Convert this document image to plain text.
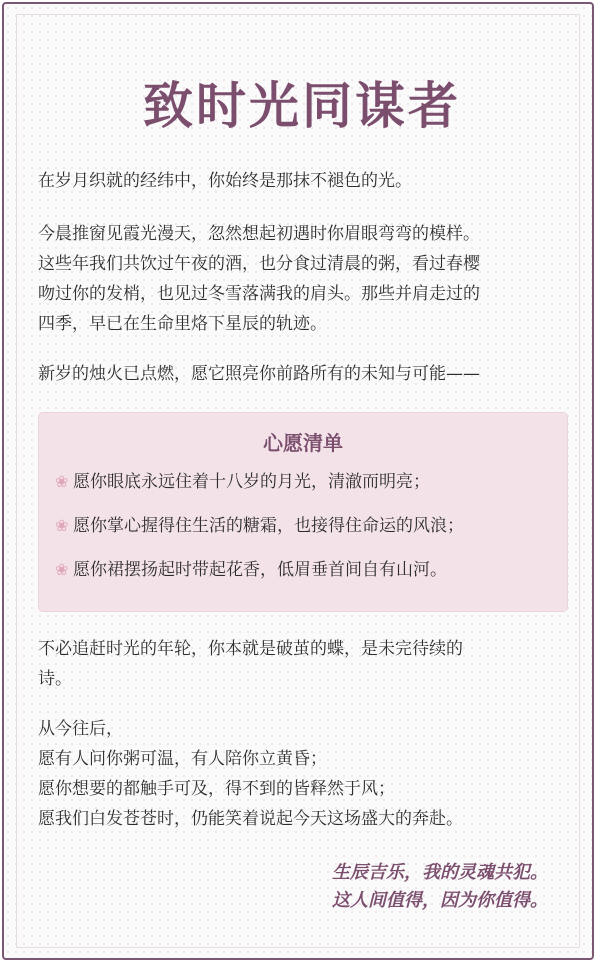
致时光同谋者

在岁月织就的经纬中，你始终是那抹不褪色的光。

今晨推窗见霞光漫天，忽然想起初遇时你眉眼弯弯的模样。
这些年我们共饮过午夜的酒，也分食过清晨的粥，看过春樱
吻过你的发梢，也见过冬雪落满我的肩头。那些并肩走过的
四季，早已在生命里烙下星辰的轨迹。

新岁的烛火已点燃，愿它照亮你前路所有的未知与可能——

心愿清单
❀ 愿你眼底永远住着十八岁的月光，清澈而明亮；
❀ 愿你掌心握得住生活的糖霜，也接得住命运的风浪；
❀ 愿你裙摆扬起时带起花香，低眉垂首间自有山河。

不必追赶时光的年轮，你本就是破茧的蝶，是未完待续的
诗。

从今往后，
愿有人问你粥可温，有人陪你立黄昏；
愿你想要的都触手可及，得不到的皆释然于风；
愿我们白发苍苍时，仍能笑着说起今天这场盛大的奔赴。

生辰吉乐，我的灵魂共犯。
这人间值得，因为你值得。
